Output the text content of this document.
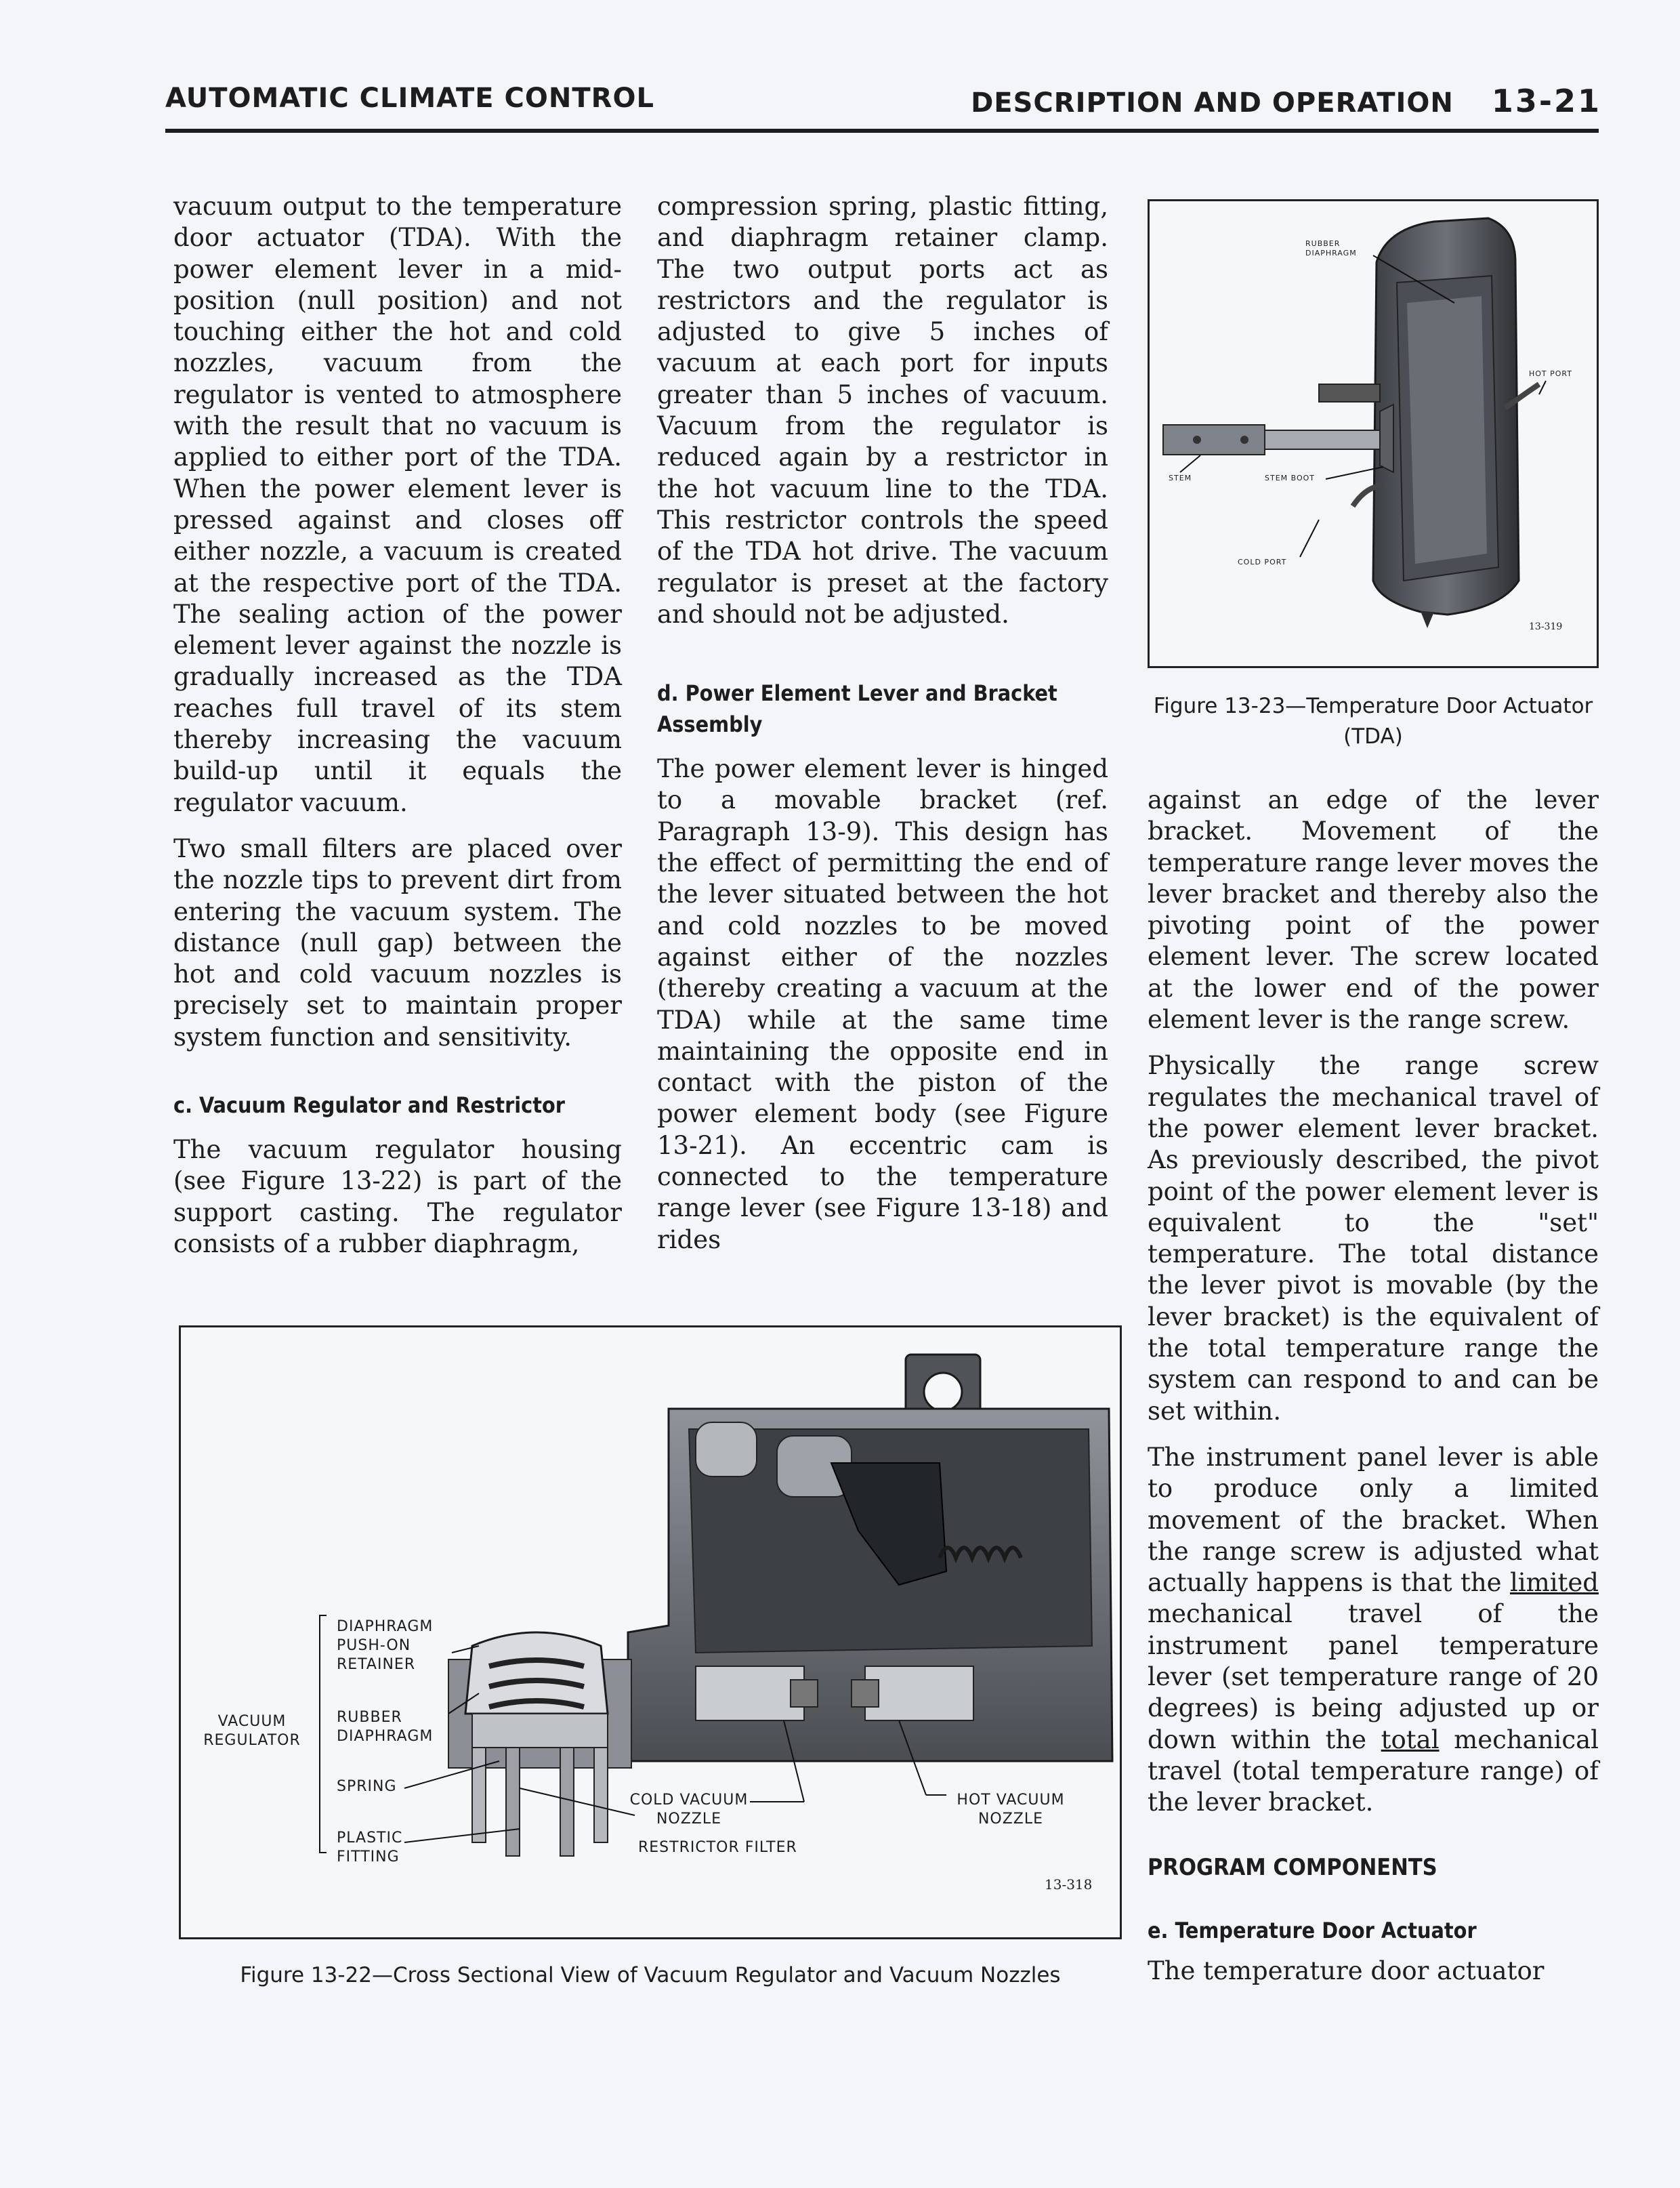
AUTOMATIC CLIMATE CONTROL	DESCRIPTION AND OPERATION 13-21

vacuum output to the temperature door actuator (TDA). With the power element lever in a mid-position (null position) and not touching either the hot and cold nozzles, vacuum from the regulator is vented to atmosphere with the result that no vacuum is applied to either port of the TDA. When the power element lever is pressed against and closes off either nozzle, a vacuum is created at the respective port of the TDA. The sealing action of the power element lever against the nozzle is gradually increased as the TDA reaches full travel of its stem thereby increasing the vacuum build-up until it equals the regulator vacuum.

Two small filters are placed over the nozzle tips to prevent dirt from entering the vacuum system. The distance (null gap) between the hot and cold vacuum nozzles is precisely set to maintain proper system function and sensitivity.

c. Vacuum Regulator and Restrictor

The vacuum regulator housing (see Figure 13-22) is part of the support casting. The regulator consists of a rubber diaphragm,

compression spring, plastic fitting, and diaphragm retainer clamp. The two output ports act as restrictors and the regulator is adjusted to give 5 inches of vacuum at each port for inputs greater than 5 inches of vacuum. Vacuum from the regulator is reduced again by a restrictor in the hot vacuum line to the TDA. This restrictor controls the speed of the TDA hot drive. The vacuum regulator is preset at the factory and should not be adjusted.

d. Power Element Lever and Bracket Assembly

The power element lever is hinged to a movable bracket (ref. Paragraph 13-9). This design has the effect of permitting the end of the lever situated between the hot and cold nozzles to be moved against either of the nozzles (thereby creating a vacuum at the TDA) while at the same time maintaining the opposite end in contact with the piston of the power element body (see Figure 13-21). An eccentric cam is connected to the temperature range lever (see Figure 13-18) and rides

RUBBER DIAPHRAGM
HOT PORT
STEM	STEM BOOT
COLD PORT
13-319
Figure 13-23—Temperature Door Actuator (TDA)

against an edge of the lever bracket. Movement of the temperature range lever moves the lever bracket and thereby also the pivoting point of the power element lever. The screw located at the lower end of the power element lever is the range screw.

Physically the range screw regulates the mechanical travel of the power element lever bracket. As previously described, the pivot point of the power element lever is equivalent to the "set" temperature. The total distance the lever pivot is movable (by the lever bracket) is the equivalent of the total temperature range the system can respond to and can be set within.

The instrument panel lever is able to produce only a limited movement of the bracket. When the range screw is adjusted what actually happens is that the limited mechanical travel of the instrument panel temperature lever (set temperature range of 20 degrees) is being adjusted up or down within the total mechanical travel (total temperature range) of the lever bracket.

PROGRAM COMPONENTS
e. Temperature Door Actuator

The temperature door actuator

DIAPHRAGM PUSH-ON RETAINER
VACUUM REGULATOR
RUBBER DIAPHRAGM
SPRING
PLASTIC FITTING
COLD VACUUM NOZZLE
HOT VACUUM NOZZLE
RESTRICTOR FILTER
13-318
Figure 13-22—Cross Sectional View of Vacuum Regulator and Vacuum Nozzles
